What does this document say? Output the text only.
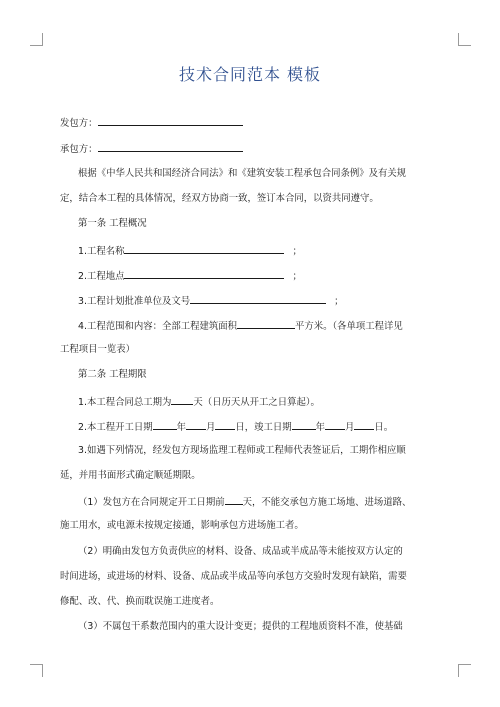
技术合同范本 模板
发包方：
承包方：
根据《中华人民共和国经济合同法》和《建筑安装工程承包合同条例》及有关规
定，结合本工程的具体情况，经双方协商一致，签订本合同，以资共同遵守。
第一条 工程概况
1.工程名称	；
2.工程地点	；
3.工程计划批准单位及文号	；
4.工程范围和内容：全部工程建筑面积	平方米。（各单项工程详见
工程项目一览表）
第二条 工程期限
1.本工程合同总工期为 天（日历天从开工之日算起）。
2.本工程开工日期	年 月 日，竣工日期	年 月 日。
3.如遇下列情况，经发包方现场监理工程师或工程师代表签证后，工期作相应顺
延，并用书面形式确定顺延期限。
（1）发包方在合同规定开工日期前 天，不能交承包方施工场地、进场道路、
施工用水，或电源未按规定接通，影响承包方进场施工者。
（2）明确由发包方负责供应的材料、设备、成品或半成品等未能按双方认定的
时间进场，或进场的材料、设备、成品或半成品等向承包方交验时发现有缺陷，需要
修配、改、代、换而耽误施工进度者。
（3）不属包干系数范围内的重大设计变更；提供的工程地质资料不准，使基础
